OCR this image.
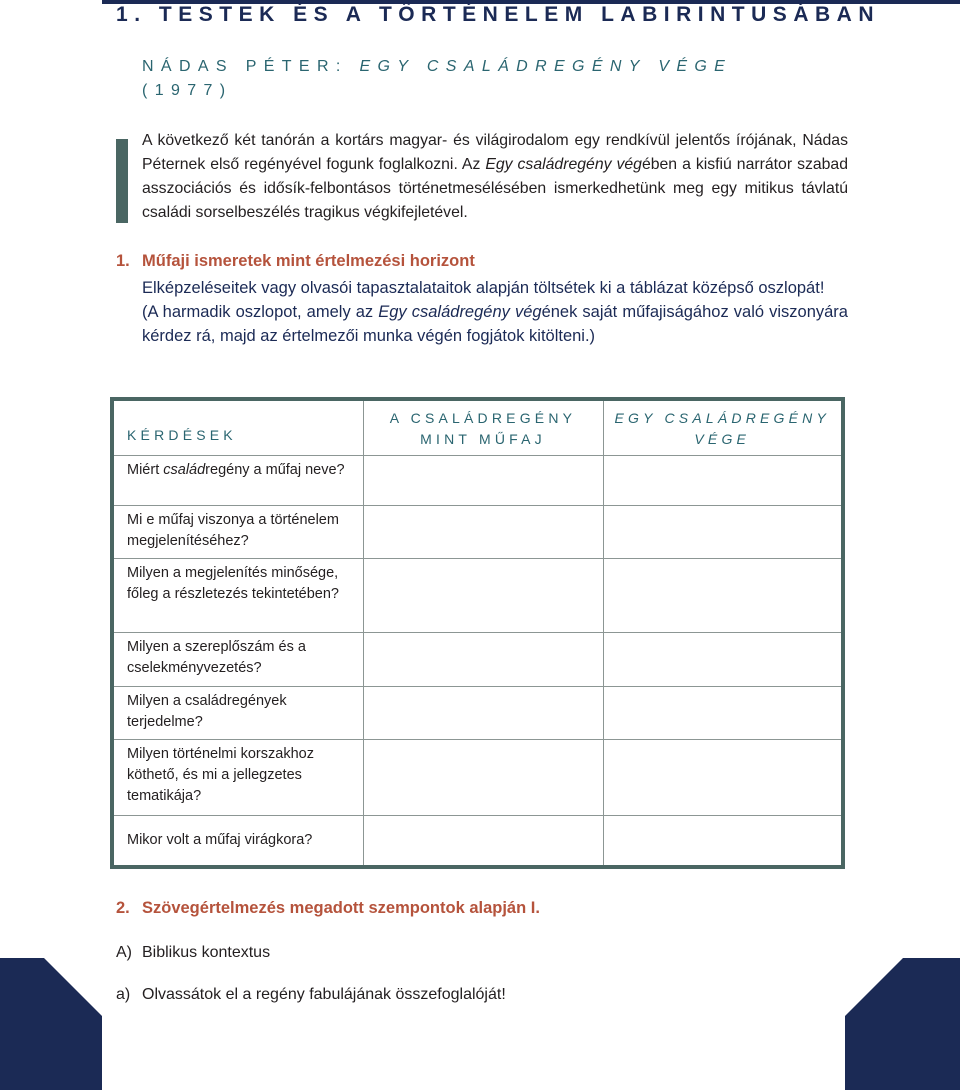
1. TESTEK ÉS A TÖRTÉNELEM LABIRINTUSÁBAN
NÁDAS PÉTER: EGY CSALÁDREGÉNY VÉGE
(1977)

A következő két tanórán a kortárs magyar- és világirodalom egy rendkívül jelentős írójának, Nádas Péternek első regényével fogunk foglalkozni. Az Egy családregény végében a kisfiú narrátor szabad asszociációs és idősík-felbontásos történetmesélésében ismerkedhetünk meg egy mitikus távlatú családi sorselbeszélés tragikus végkifejletével.

1. Műfaji ismeretek mint értelmezési horizont

Elképzeléseitek vagy olvasói tapasztalataitok alapján töltsétek ki a táblázat középső oszlopát!

(A harmadik oszlopot, amely az Egy családregény végének saját műfajiságához való viszonyára kérdez rá, majd az értelmezői munka végén fogjátok kitölteni.)

KÉRDÉSEK	A CSALÁDREGÉNY MINT MŰFAJ	EGY CSALÁDREGÉNY VÉGE
Miért családregény a műfaj neve?		
Mi e műfaj viszonya a történelem megjelenítéséhez?		
Milyen a megjelenítés minősége, főleg a részletezés tekintetében?		
Milyen a szereplőszám és a cselekményvezetés?		
Milyen a családregények terjedelme?		
Milyen történelmi korszakhoz köthető, és mi a jellegzetes tematikája?		
Mikor volt a műfaj virágkora?		

2. Szövegértelmezés megadott szempontok alapján I.

A) Biblikus kontextus

a) Olvassátok el a regény fabulájának összefoglalóját!
